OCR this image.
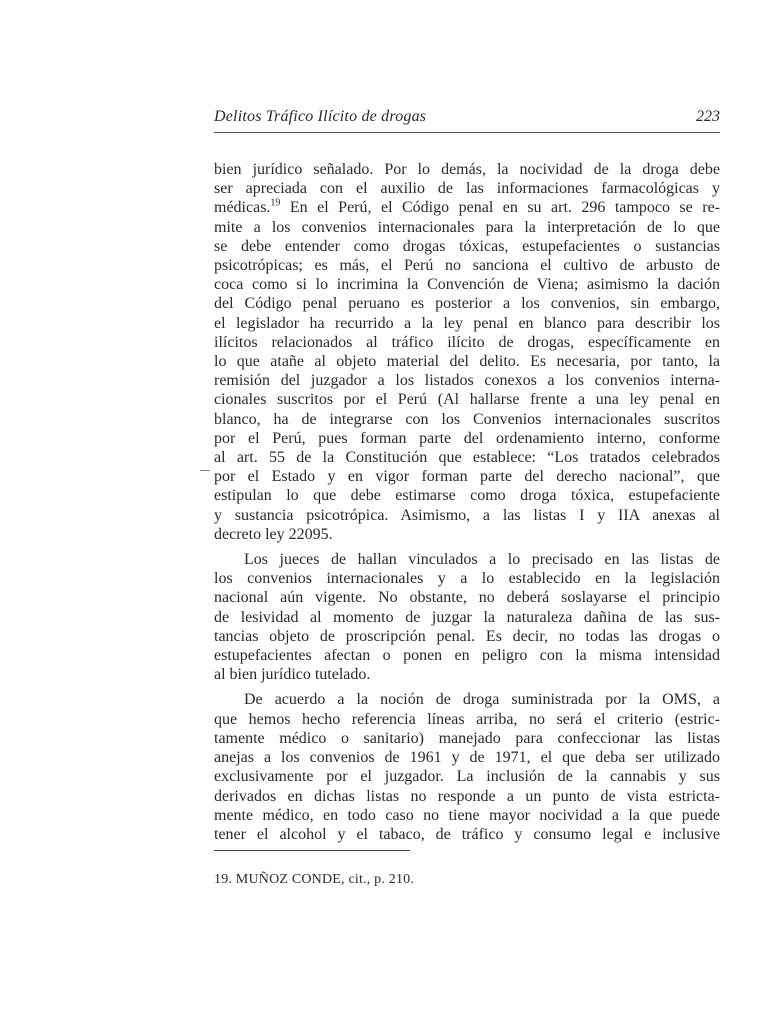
Delitos Tráfico Ilícito de drogas	223
bien jurídico señalado. Por lo demás, la nocividad de la droga debe
ser apreciada con el auxilio de las informaciones farmacológicas y
médicas.$^{19}$ En el Perú, el Código penal en su art. 296 tampoco se re-
mite a los convenios internacionales para la interpretación de lo que
se debe entender como drogas tóxicas, estupefacientes o sustancias
psicotrópicas; es más, el Perú no sanciona el cultivo de arbusto de
coca como si lo incrimina la Convención de Viena; asimismo la dación
del Código penal peruano es posterior a los convenios, sin embargo,
el legislador ha recurrido a la ley penal en blanco para describir los
ilícitos relacionados al tráfico ilícito de drogas, específicamente en
lo que atañe al objeto material del delito. Es necesaria, por tanto, la
remisión del juzgador a los listados conexos a los convenios interna-
cionales suscritos por el Perú (Al hallarse frente a una ley penal en
blanco, ha de integrarse con los Convenios internacionales suscritos
por el Perú, pues forman parte del ordenamiento interno, conforme
al art. 55 de la Constitución que establece: “Los tratados celebrados
por el Estado y en vigor forman parte del derecho nacional”, que
estipulan lo que debe estimarse como droga tóxica, estupefaciente
y sustancia psicotrópica. Asimismo, a las listas I y IIA anexas al
decreto ley 22095.
Los jueces de hallan vinculados a lo precisado en las listas de
los convenios internacionales y a lo establecido en la legislación
nacional aún vigente. No obstante, no deberá soslayarse el principio
de lesividad al momento de juzgar la naturaleza dañina de las sus-
tancias objeto de proscripción penal. Es decir, no todas las drogas o
estupefacientes afectan o ponen en peligro con la misma intensidad
al bien jurídico tutelado.
De acuerdo a la noción de droga suministrada por la OMS, a
que hemos hecho referencia líneas arriba, no será el criterio (estric-
tamente médico o sanitario) manejado para confeccionar las listas
anejas a los convenios de 1961 y de 1971, el que deba ser utilizado
exclusivamente por el juzgador. La inclusión de la cannabis y sus
derivados en dichas listas no responde a un punto de vista estricta-
mente médico, en todo caso no tiene mayor nocividad a la que puede
tener el alcohol y el tabaco, de tráfico y consumo legal e inclusive
19. MUÑOZ CONDE, cit., p. 210.
